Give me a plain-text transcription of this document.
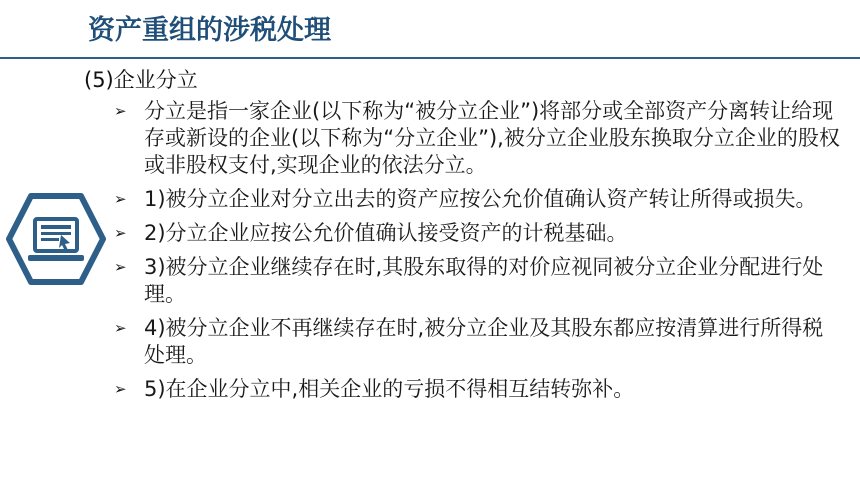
资产重组的涉税处理
(5)企业分立
➢ 分立是指一家企业(以下称为“被分立企业”)将部分或全部资产分离转让给现存或新设的企业(以下称为“分立企业”),被分立企业股东换取分立企业的股权或非股权支付,实现企业的依法分立。
➢ 1)被分立企业对分立出去的资产应按公允价值确认资产转让所得或损失。
➢ 2)分立企业应按公允价值确认接受资产的计税基础。
➢ 3)被分立企业继续存在时,其股东取得的对价应视同被分立企业分配进行处理。
➢ 4)被分立企业不再继续存在时,被分立企业及其股东都应按清算进行所得税处理。
➢ 5)在企业分立中,相关企业的亏损不得相互结转弥补。
